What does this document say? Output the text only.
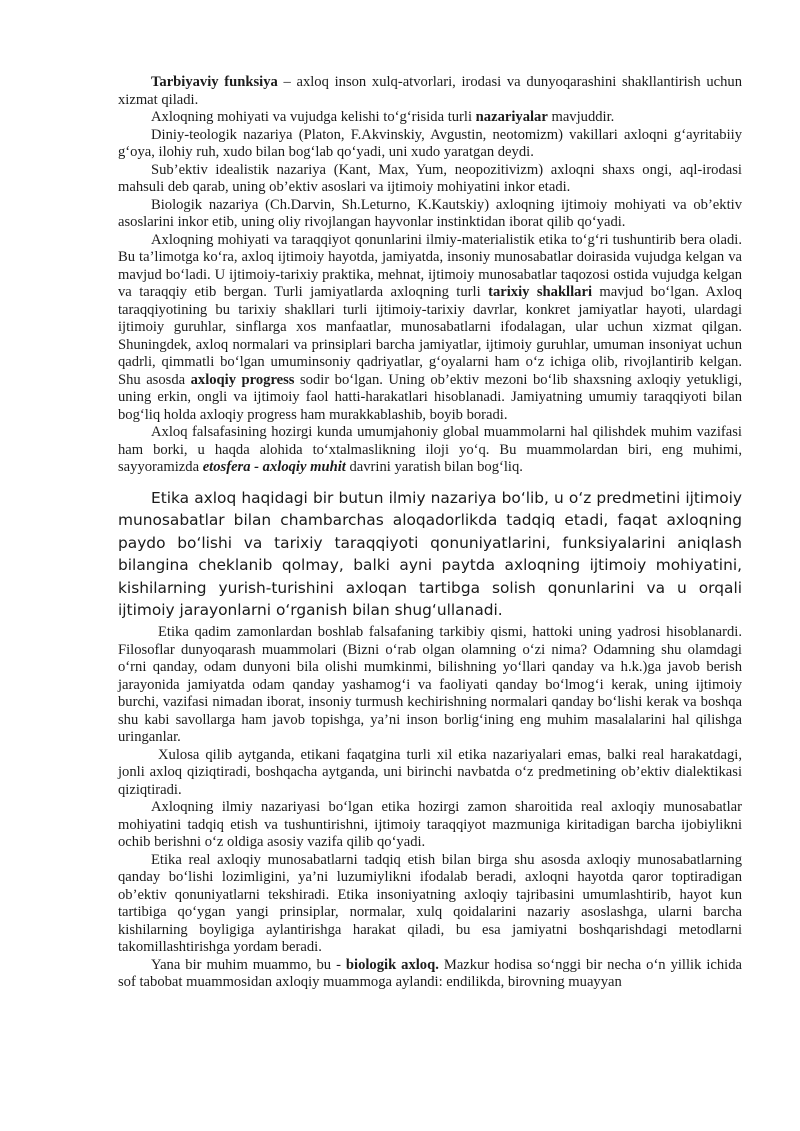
Tarbiyaviy funksiya – axloq inson xulq-atvorlari, irodasi va dunyoqarashini shakllantirish uchun xizmat qiladi.

Axloqning mohiyati va vujudga kelishi to‘g‘risida turli nazariyalar mavjuddir.

Diniy-teologik nazariya (Platon, F.Akvinskiy, Avgustin, neotomizm) vakillari axloqni g‘ayritabiiy g‘oya, ilohiy ruh, xudo bilan bog‘lab qo‘yadi, uni xudo yaratgan deydi.

Sub’ektiv idealistik nazariya (Kant, Max, Yum, neopozitivizm) axloqni shaxs ongi, aql-irodasi mahsuli deb qarab, uning ob’ektiv asoslari va ijtimoiy mohiyatini inkor etadi.

Biologik nazariya (Ch.Darvin, Sh.Leturno, K.Kautskiy) axloqning ijtimoiy mohiyati va ob’ektiv asoslarini inkor etib, uning oliy rivojlangan hayvonlar instinktidan iborat qilib qo‘yadi.

Axloqning mohiyati va taraqqiyot qonunlarini ilmiy-materialistik etika to‘g‘ri tushuntirib bera oladi. Bu ta’limotga ko‘ra, axloq ijtimoiy hayotda, jamiyatda, insoniy munosabatlar doirasida vujudga kelgan va mavjud bo‘ladi. U ijtimoiy-tarixiy praktika, mehnat, ijtimoiy munosabatlar taqozosi ostida vujudga kelgan va taraqqiy etib bergan. Turli jamiyatlarda axloqning turli tarixiy shakllari mavjud bo‘lgan. Axloq taraqqiyotining bu tarixiy shakllari turli ijtimoiy-tarixiy davrlar, konkret jamiyatlar hayoti, ulardagi ijtimoiy guruhlar, sinflarga xos manfaatlar, munosabatlarni ifodalagan, ular uchun xizmat qilgan. Shuningdek, axloq normalari va prinsiplari barcha jamiyatlar, ijtimoiy guruhlar, umuman insoniyat uchun qadrli, qimmatli bo‘lgan umuminsoniy qadriyatlar, g‘oyalarni ham o‘z ichiga olib, rivojlantirib kelgan. Shu asosda axloqiy progress sodir bo‘lgan. Uning ob’ektiv mezoni bo‘lib shaxsning axloqiy yetukligi, uning erkin, ongli va ijtimoiy faol hatti-harakatlari hisoblanadi. Jamiyatning umumiy taraqqiyoti bilan bog‘liq holda axloqiy progress ham murakkablashib, boyib boradi.

Axloq falsafasining hozirgi kunda umumjahoniy global muammolarni hal qilishdek muhim vazifasi ham borki, u haqda alohida to‘xtalmaslikning iloji yo‘q. Bu muammolardan biri, eng muhimi, sayyoramizda etosfera - axloqiy muhit davrini yaratish bilan bog‘liq.

Etika axloq haqidagi bir butun ilmiy nazariya bo‘lib, u o‘z predmetini ijtimoiy munosabatlar bilan chambarchas aloqadorlikda tadqiq etadi, faqat axloqning paydo bo‘lishi va tarixiy taraqqiyoti qonuniyatlarini, funksiyalarini aniqlash bilangina cheklanib qolmay, balki ayni paytda axloqning ijtimoiy mohiyatini, kishilarning yurish-turishini axloqan tartibga solish qonunlarini va u orqali ijtimoiy jarayonlarni o‘rganish bilan shug‘ullanadi.

Etika qadim zamonlardan boshlab falsafaning tarkibiy qismi, hattoki uning yadrosi hisoblanardi. Filosoflar dunyoqarash muammolari (Bizni o‘rab olgan olamning o‘zi nima? Odamning shu olamdagi o‘rni qanday, odam dunyoni bila olishi mumkinmi, bilishning yo‘llari qanday va h.k.)ga javob berish jarayonida jamiyatda odam qanday yashamog‘i va faoliyati qanday bo‘lmog‘i kerak, uning ijtimoiy burchi, vazifasi nimadan iborat, insoniy turmush kechirishning normalari qanday bo‘lishi kerak va boshqa shu kabi savollarga ham javob topishga, ya’ni inson borlig‘ining eng muhim masalalarini hal qilishga uringanlar.

Xulosa qilib aytganda, etikani faqatgina turli xil etika nazariyalari emas, balki real harakatdagi, jonli axloq qiziqtiradi, boshqacha aytganda, uni birinchi navbatda o‘z predmetining ob’ektiv dialektikasi qiziqtiradi.

Axloqning ilmiy nazariyasi bo‘lgan etika hozirgi zamon sharoitida real axloqiy munosabatlar mohiyatini tadqiq etish va tushuntirishni, ijtimoiy taraqqiyot mazmuniga kiritadigan barcha ijobiylikni ochib berishni o‘z oldiga asosiy vazifa qilib qo‘yadi.

Etika real axloqiy munosabatlarni tadqiq etish bilan birga shu asosda axloqiy munosabatlarning qanday bo‘lishi lozimligini, ya’ni luzumiylikni ifodalab beradi, axloqni hayotda qaror toptiradigan ob’ektiv qonuniyatlarni tekshiradi. Etika insoniyatning axloqiy tajribasini umumlashtirib, hayot kun tartibiga qo‘ygan yangi prinsiplar, normalar, xulq qoidalarini nazariy asoslashga, ularni barcha kishilarning boyligiga aylantirishga harakat qiladi, bu esa jamiyatni boshqarishdagi metodlarni takomillashtirishga yordam beradi.

Yana bir muhim muammo, bu - biologik axloq. Mazkur hodisa so‘nggi bir necha o‘n yillik ichida sof tabobat muammosidan axloqiy muammoga aylandi: endilikda, birovning muayyan
